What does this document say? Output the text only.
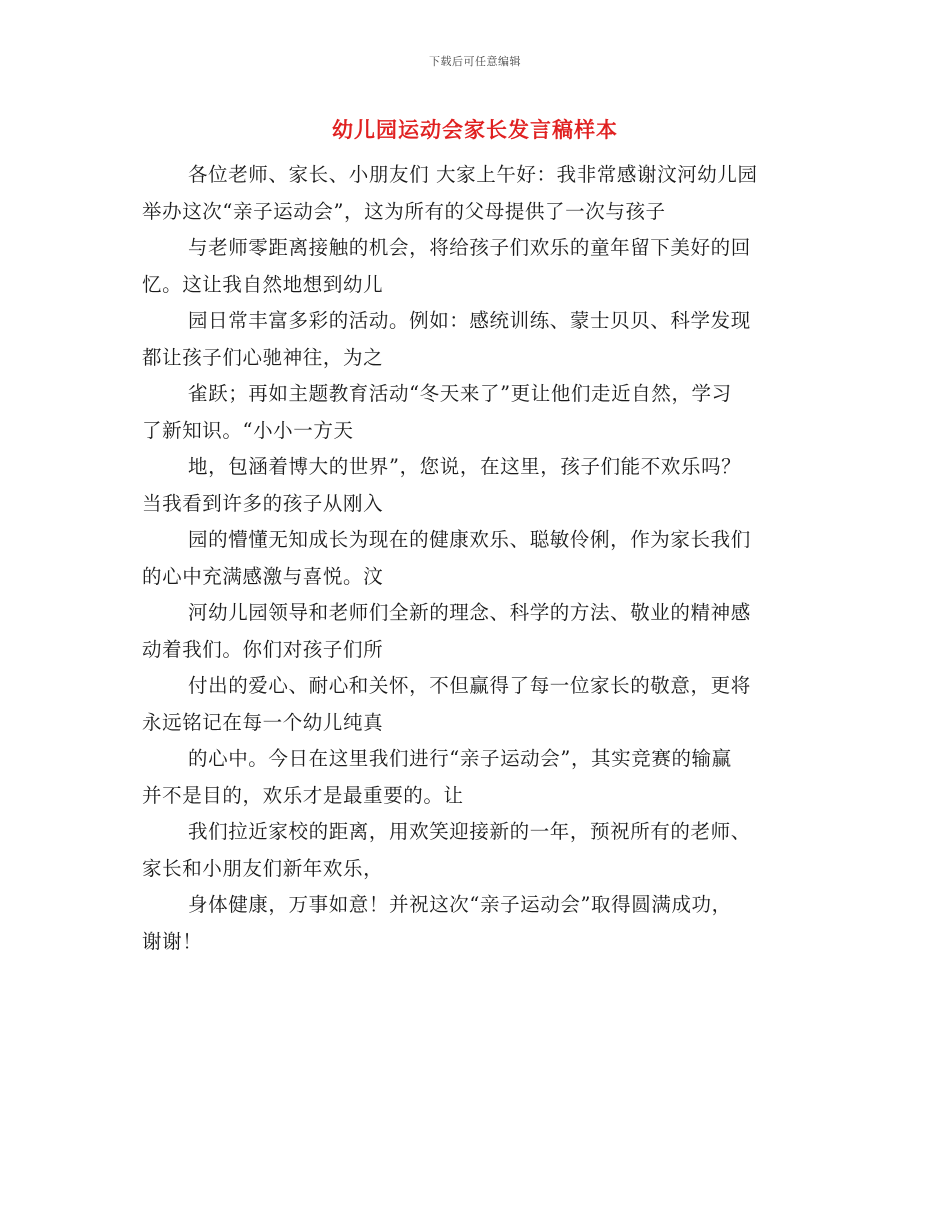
下载后可任意编辑
幼儿园运动会家长发言稿样本

各位老师、家长、小朋友们 大家上午好：我非常感谢汶河幼儿园
举办这次“亲子运动会”，这为所有的父母提供了一次与孩子

与老师零距离接触的机会，将给孩子们欢乐的童年留下美好的回
忆。这让我自然地想到幼儿

园日常丰富多彩的活动。例如：感统训练、蒙士贝贝、科学发现
都让孩子们心驰神往，为之

雀跃；再如主题教育活动“冬天来了”更让他们走近自然，学习
了新知识。“小小一方天

地，包涵着博大的世界”，您说，在这里，孩子们能不欢乐吗？
当我看到许多的孩子从刚入

园的懵懂无知成长为现在的健康欢乐、聪敏伶俐，作为家长我们
的心中充满感激与喜悦。汶

河幼儿园领导和老师们全新的理念、科学的方法、敬业的精神感
动着我们。你们对孩子们所

付出的爱心、耐心和关怀，不但赢得了每一位家长的敬意，更将
永远铭记在每一个幼儿纯真

的心中。今日在这里我们进行“亲子运动会”，其实竞赛的输赢
并不是目的，欢乐才是最重要的。让

我们拉近家校的距离，用欢笑迎接新的一年，预祝所有的老师、
家长和小朋友们新年欢乐，

身体健康，万事如意！并祝这次“亲子运动会”取得圆满成功，
谢谢！
